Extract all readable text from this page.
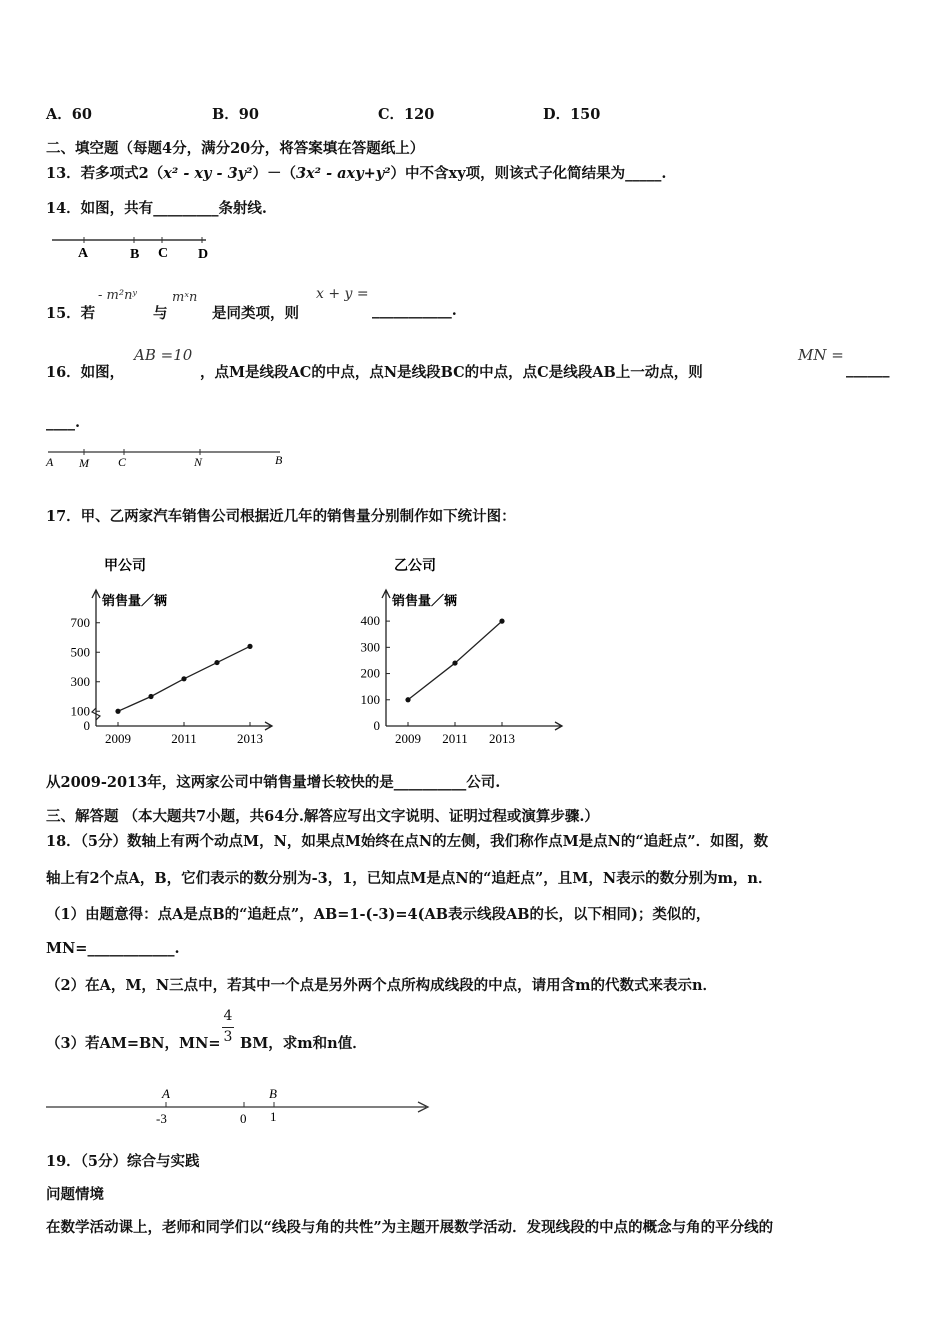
A．60	B．90	C．120	D．150
二、填空题（每题4分，满分20分，将答案填在答题纸上）
13．若多项式2（x² - xy - 3y²）－（3x² - axy+y²）中不含xy项，则该式子化简结果为_____.
14．如图，共有_________条射线.
A	B C D
15．若
- m²nʸ
与
mˣn
是同类项，则
x + y =
___________.
16．如图，
AB =10
，点M是线段AC的中点，点N是线段BC的中点，点C是线段AB上一动点，则
MN =
______
____.
A M C	N	B
17．甲、乙两家汽车销售公司根据近几年的销售量分别制作如下统计图：
甲公司
销售量／辆
0
100
300
500
700
2009	2011	2013
乙公司
销售量／辆
0
100
200
300
400
2009 2011 2013
从2009-2013年，这两家公司中销售量增长较快的是__________公司.
三、解答题 （本大题共7小题，共64分.解答应写出文字说明、证明过程或演算步骤.）
18．（5分）数轴上有两个动点M，N，如果点M始终在点N的左侧，我们称作点M是点N的“追赶点”．如图，数
轴上有2个点A，B，它们表示的数分别为-3，1，已知点M是点N的“追赶点”，且M，N表示的数分别为m，n．
（1）由题意得：点A是点B的“追赶点”，AB=1-(-3)=4(AB表示线段AB的长，以下相同)；类似的，
MN=____________.
（2）在A，M，N三点中，若其中一个点是另外两个点所构成线段的中点，请用含m的代数式来表示n．
（3）若AM=BN，MN=
4
3 BM，求m和n值．
A	B
-3	0 1
19．（5分）综合与实践
问题情境
在数学活动课上，老师和同学们以“线段与角的共性”为主题开展数学活动．发现线段的中点的概念与角的平分线的
